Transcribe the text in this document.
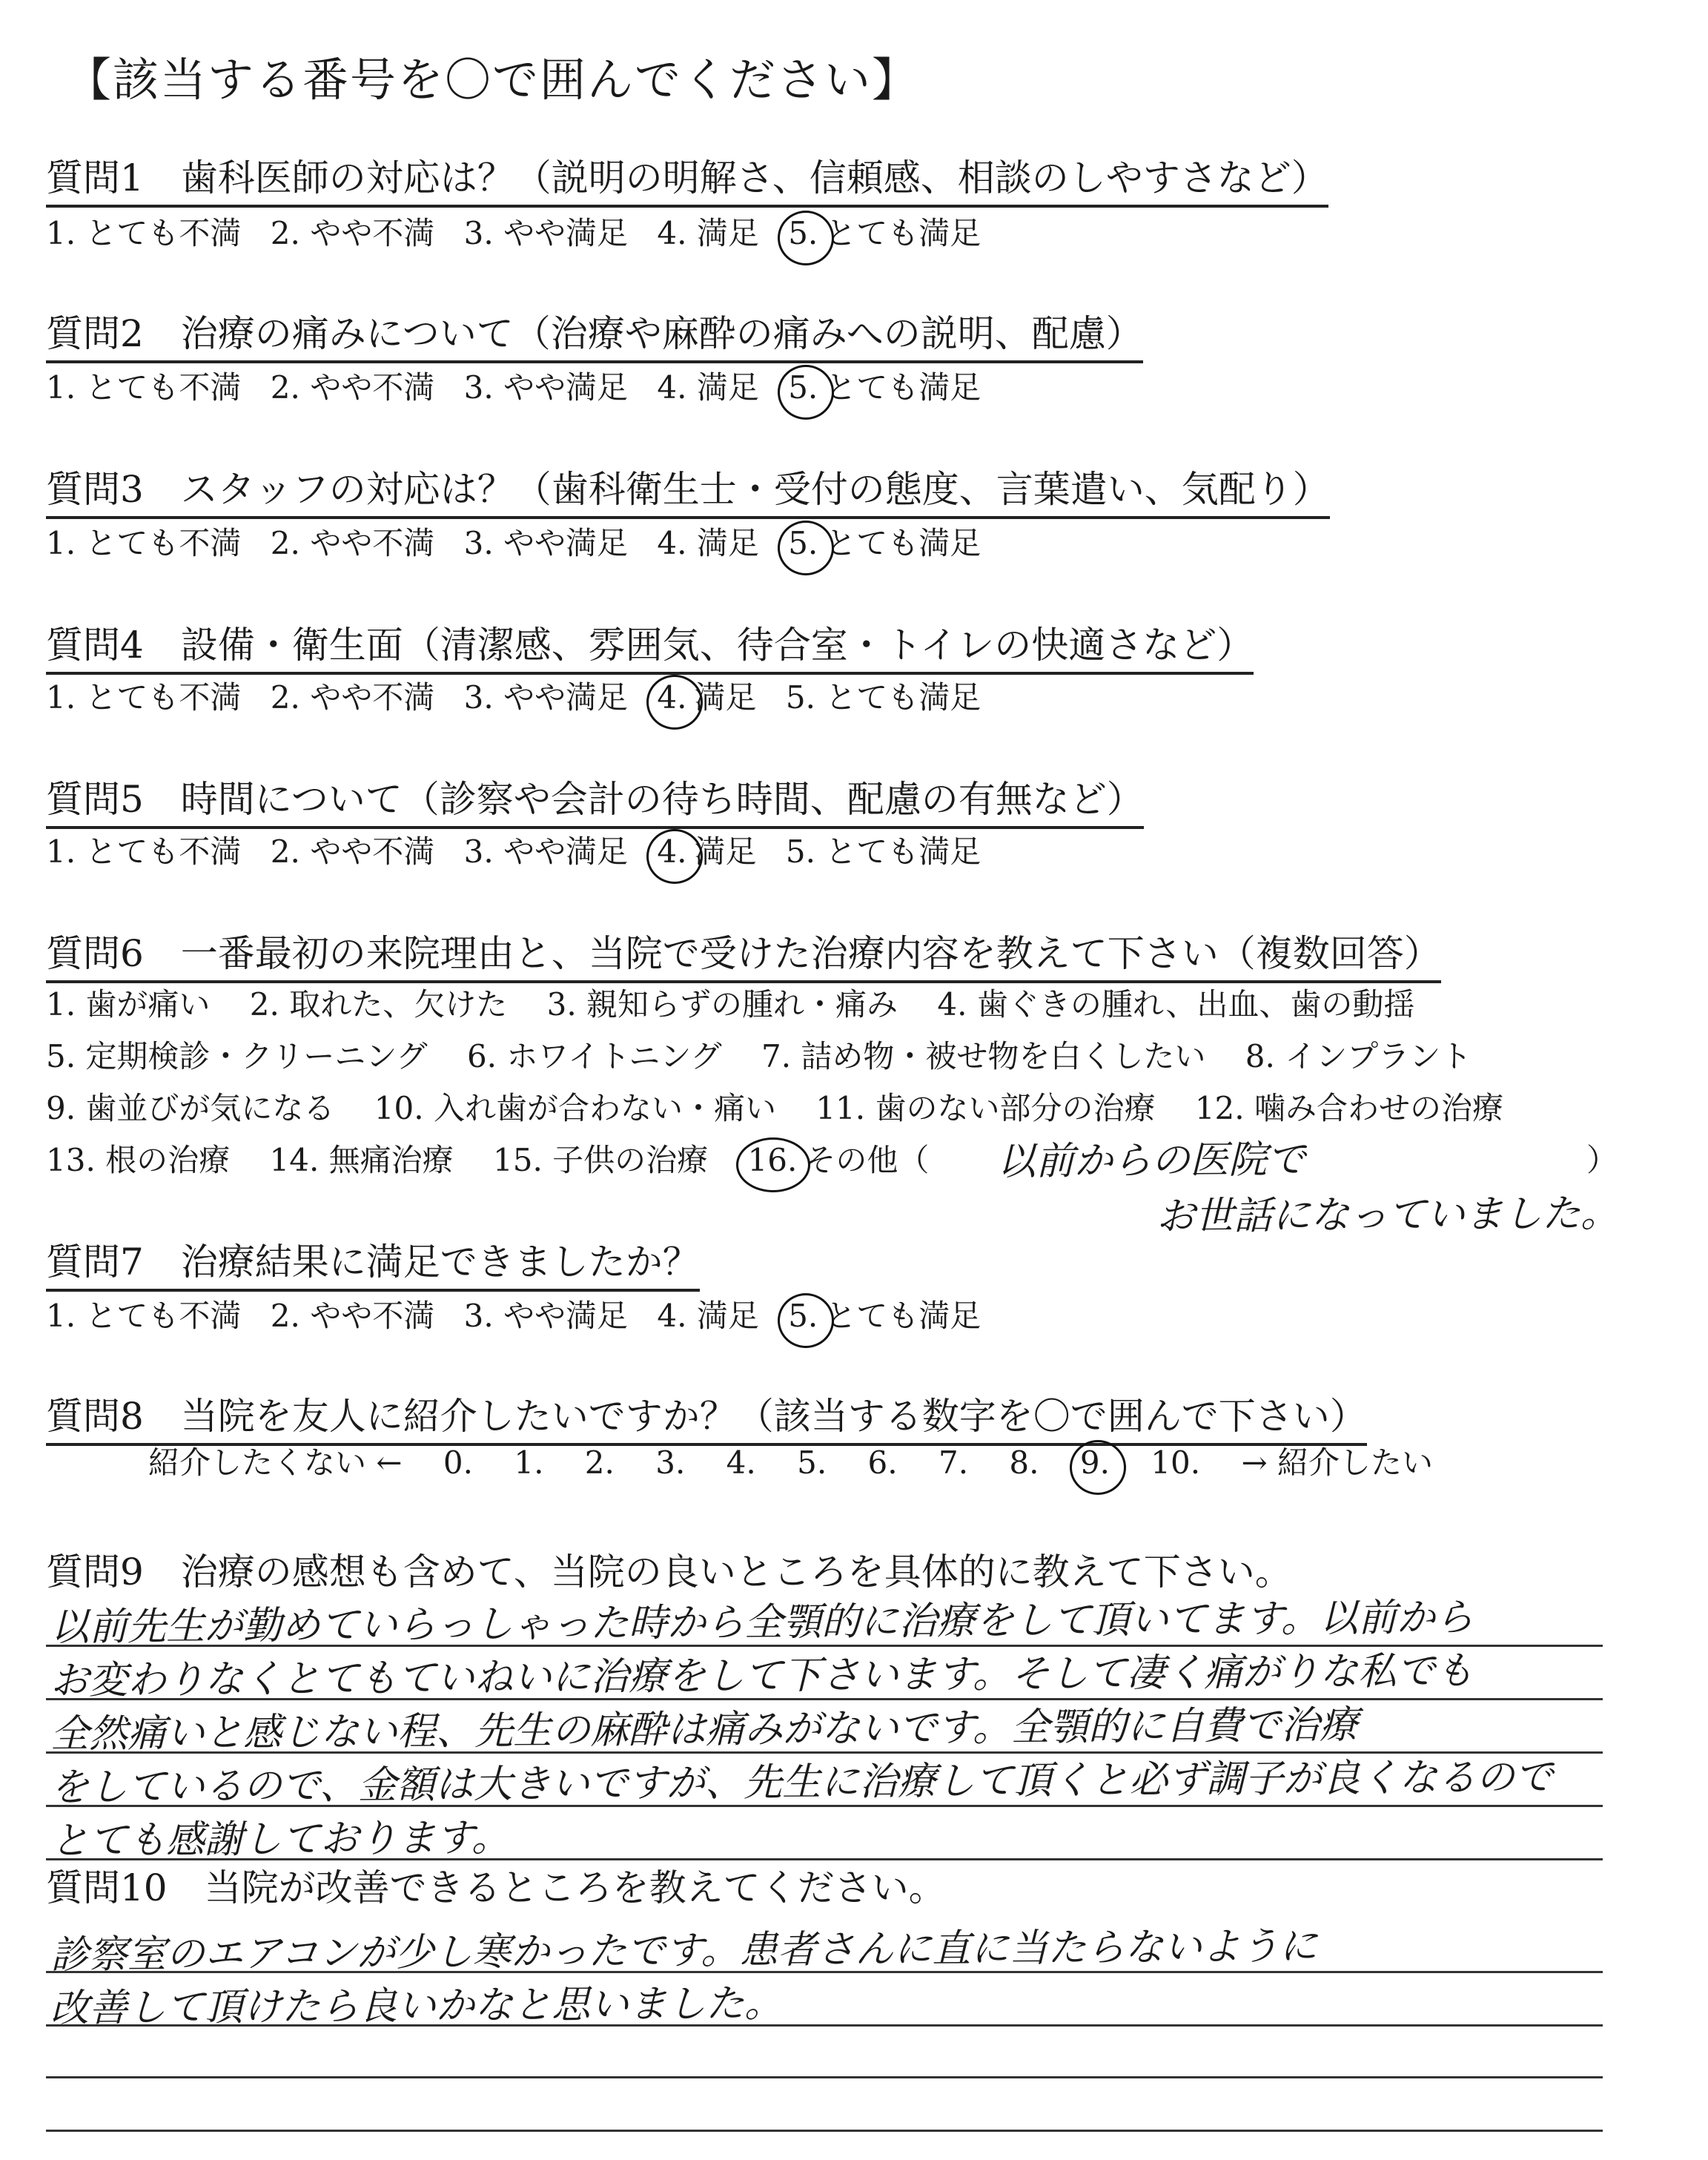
【該当する番号を〇で囲んでください】
質問1　歯科医師の対応は？（説明の明解さ、信頼感、相談のしやすさなど）
1. とても不満 2. やや不満 3. やや満足 4. 満足 5. とても満足
質問2　治療の痛みについて（治療や麻酔の痛みへの説明、配慮）
1. とても不満 2. やや不満 3. やや満足 4. 満足 5. とても満足
質問3　スタッフの対応は？（歯科衛生士・受付の態度、言葉遣い、気配り）
1. とても不満 2. やや不満 3. やや満足 4. 満足 5. とても満足
質問4　設備・衛生面（清潔感、雰囲気、待合室・トイレの快適さなど）
1. とても不満 2. やや不満 3. やや満足 4. 満足 5. とても満足
質問5　時間について（診察や会計の待ち時間、配慮の有無など）
1. とても不満 2. やや不満 3. やや満足 4. 満足 5. とても満足
質問6　一番最初の来院理由と、当院で受けた治療内容を教えて下さい（複数回答）
1. 歯が痛い 2. 取れた、欠けた 3. 親知らずの腫れ・痛み 4. 歯ぐきの腫れ、出血、歯の動揺
5. 定期検診・クリーニング 6. ホワイトニング 7. 詰め物・被せ物を白くしたい 8. インプラント
9. 歯並びが気になる 10. 入れ歯が合わない・痛い 11. 歯のない部分の治療 12. 噛み合わせの治療
13. 根の治療 14. 無痛治療 15. 子供の治療 16. その他（	以前からの医院で	）
お世話になっていました。
質問7　治療結果に満足できましたか？
1. とても不満 2. やや不満 3. やや満足 4. 満足 5. とても満足
質問8　当院を友人に紹介したいですか？（該当する数字を〇で囲んで下さい）
紹介したくない ← 0. 1. 2. 3. 4. 5. 6. 7. 8. 9. 10. → 紹介したい
質問9　治療の感想も含めて、当院の良いところを具体的に教えて下さい。
以前先生が勤めていらっしゃった時から全顎的に治療をして頂いてます。以前から
お変わりなくとてもていねいに治療をして下さいます。そして凄く痛がりな私でも
全然痛いと感じない程、先生の麻酔は痛みがないです。全顎的に自費で治療
をしているので、金額は大きいですが、先生に治療して頂くと必ず調子が良くなるので
とても感謝しております。
質問10　当院が改善できるところを教えてください。
診察室のエアコンが少し寒かったです。患者さんに直に当たらないように
改善して頂けたら良いかなと思いました。
